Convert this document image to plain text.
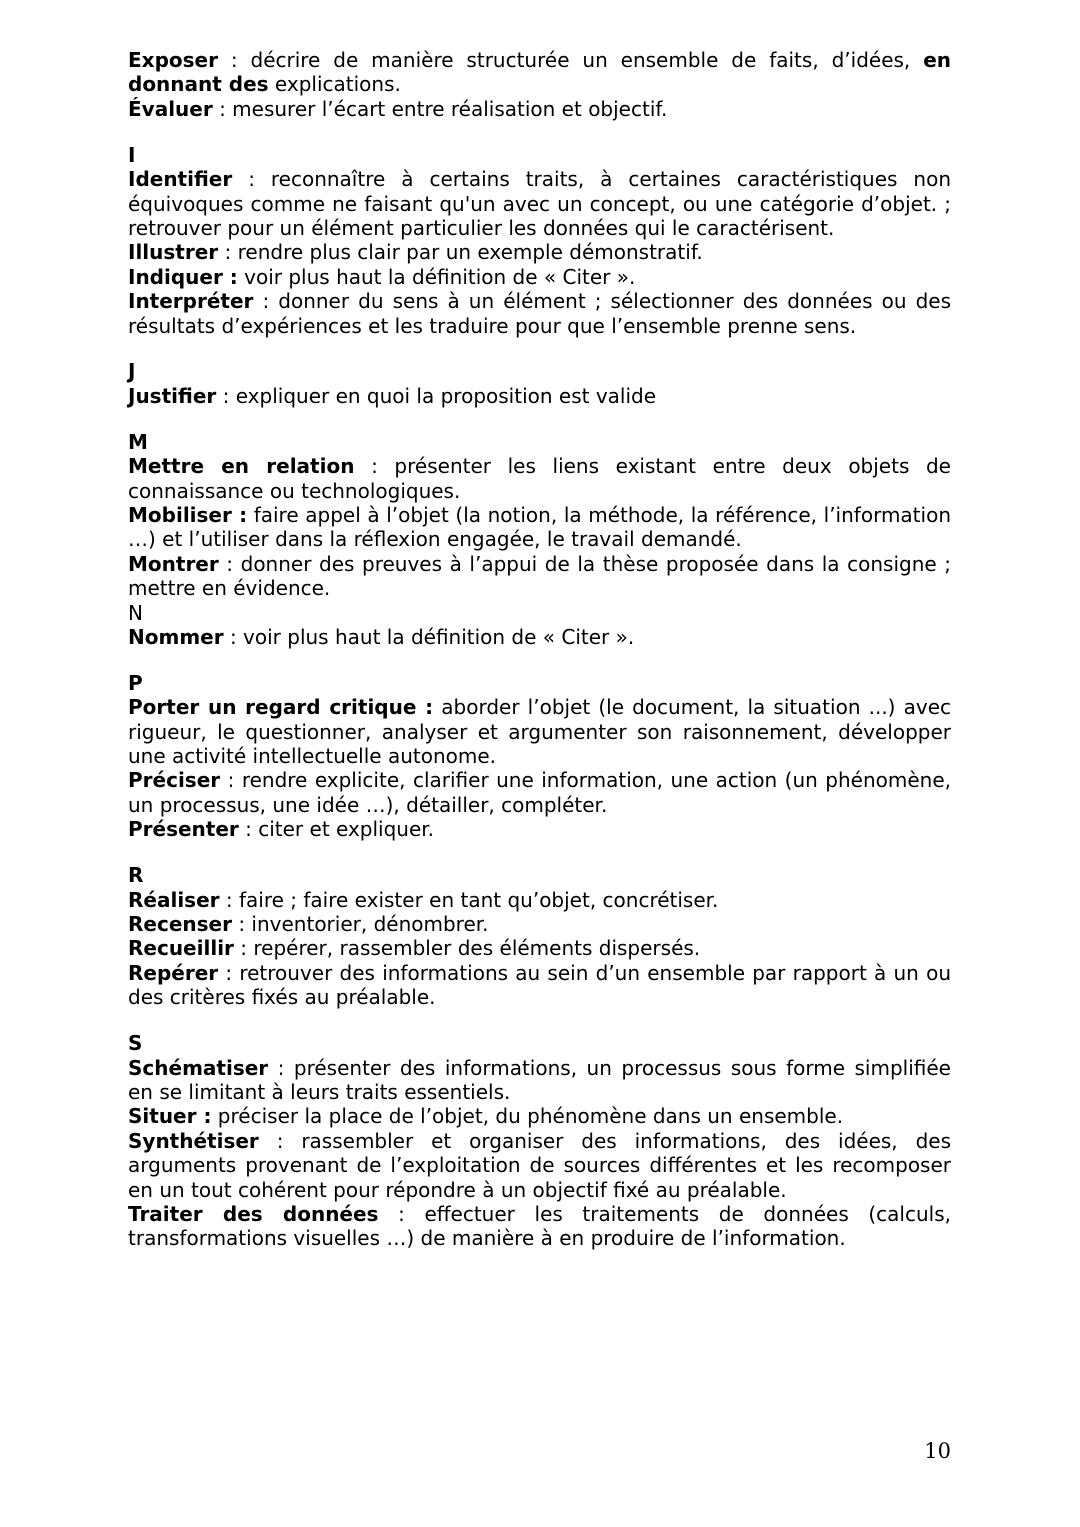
Exposer : décrire de manière structurée un ensemble de faits, d’idées, en donnant des explications.

Évaluer : mesurer l’écart entre réalisation et objectif.

I

Identifier : reconnaître à certains traits, à certaines caractéristiques non équivoques comme ne faisant qu'un avec un concept, ou une catégorie d’objet. ; retrouver pour un élément particulier les données qui le caractérisent.

Illustrer : rendre plus clair par un exemple démonstratif.

Indiquer : voir plus haut la définition de « Citer ».

Interpréter : donner du sens à un élément ; sélectionner des données ou des résultats d’expériences et les traduire pour que l’ensemble prenne sens.

J

Justifier : expliquer en quoi la proposition est valide

M

Mettre en relation : présenter les liens existant entre deux objets de connaissance ou technologiques.

Mobiliser : faire appel à l’objet (la notion, la méthode, la référence, l’information …) et l’utiliser dans la réflexion engagée, le travail demandé.

Montrer : donner des preuves à l’appui de la thèse proposée dans la consigne ; mettre en évidence.

N

Nommer : voir plus haut la définition de « Citer ».

P

Porter un regard critique : aborder l’objet (le document, la situation ...) avec rigueur, le questionner, analyser et argumenter son raisonnement, développer une activité intellectuelle autonome.

Préciser : rendre explicite, clarifier une information, une action (un phénomène, un processus, une idée …), détailler, compléter.

Présenter : citer et expliquer.

R

Réaliser : faire ; faire exister en tant qu’objet, concrétiser.

Recenser : inventorier, dénombrer.

Recueillir : repérer, rassembler des éléments dispersés.

Repérer : retrouver des informations au sein d’un ensemble par rapport à un ou des critères fixés au préalable.

S

Schématiser : présenter des informations, un processus sous forme simplifiée en se limitant à leurs traits essentiels.

Situer : préciser la place de l’objet, du phénomène dans un ensemble.

Synthétiser : rassembler et organiser des informations, des idées, des arguments provenant de l’exploitation de sources différentes et les recomposer en un tout cohérent pour répondre à un objectif fixé au préalable.

Traiter des données : effectuer les traitements de données (calculs, transformations visuelles …) de manière à en produire de l’information.

10
